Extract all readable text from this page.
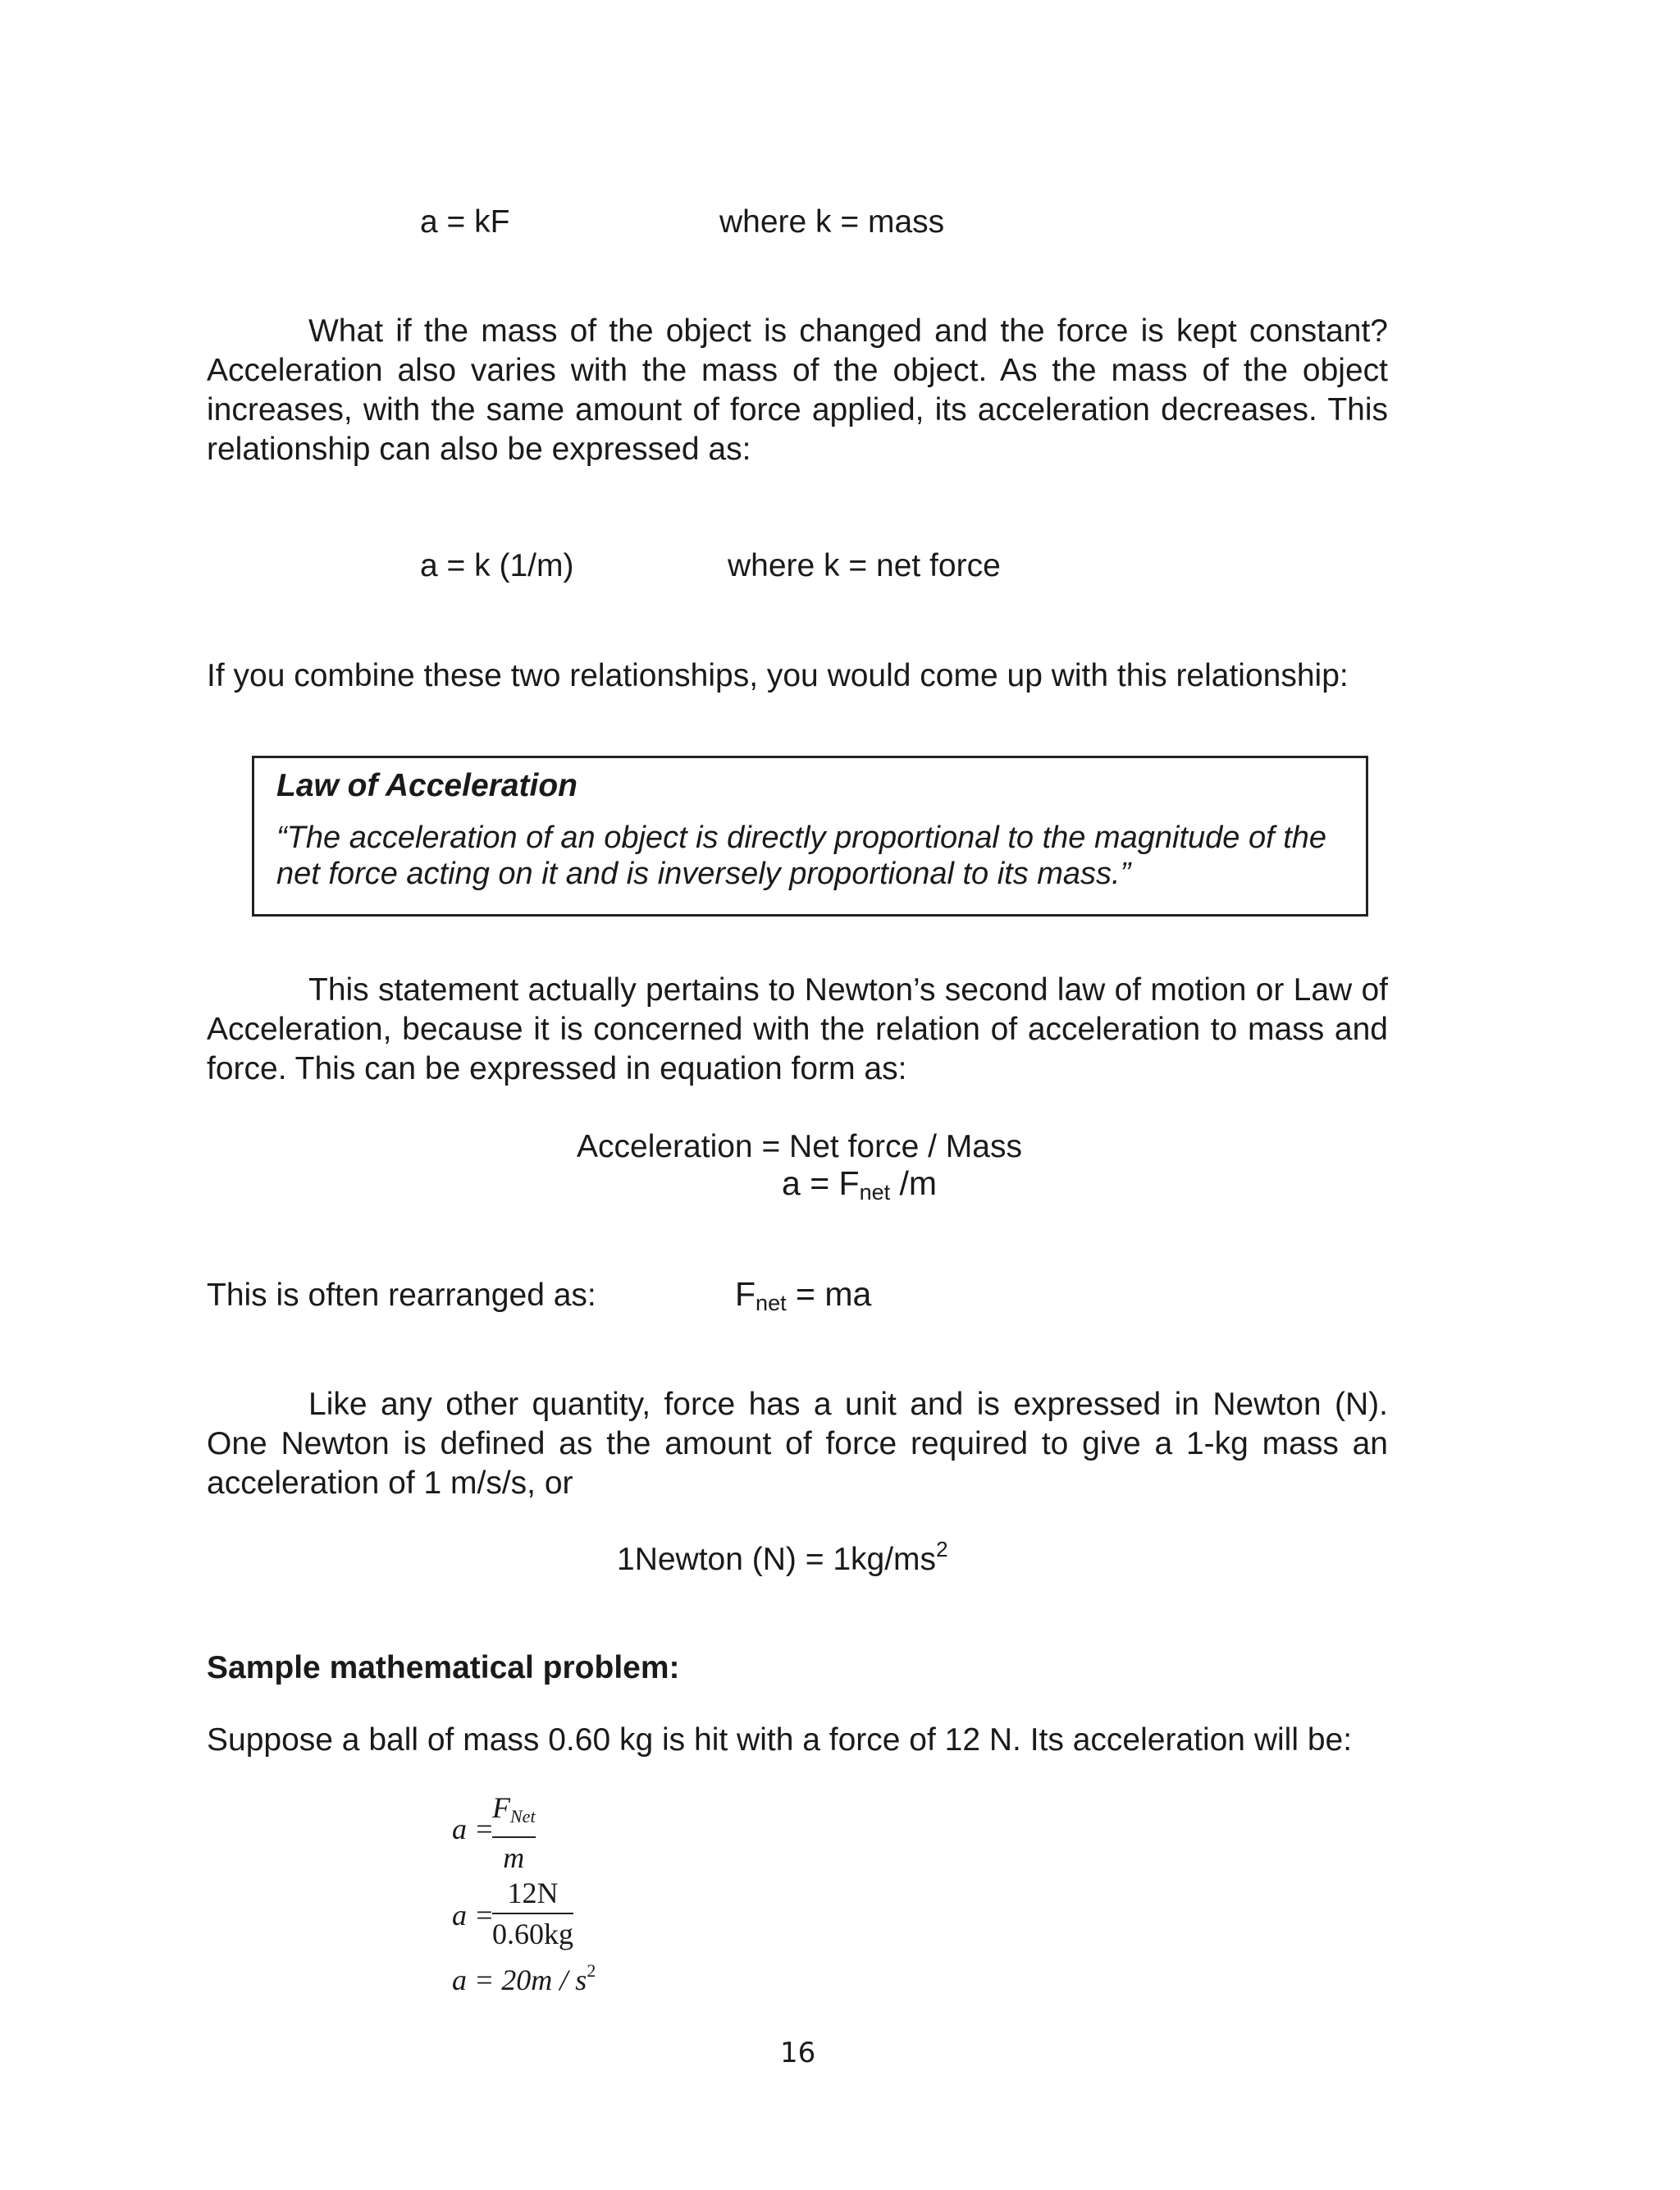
a = kF	where k = mass

What if the mass of the object is changed and the force is kept constant? Acceleration also varies with the mass of the object. As the mass of the object increases, with the same amount of force applied, its acceleration decreases. This relationship can also be expressed as:

a = k (1/m)	where k = net force

If you combine these two relationships, you would come up with this relationship:

Law of Acceleration
“The acceleration of an object is directly proportional to the magnitude of the net force acting on it and is inversely proportional to its mass.”

This statement actually pertains to Newton’s second law of motion or Law of Acceleration, because it is concerned with the relation of acceleration to mass and force. This can be expressed in equation form as:

Acceleration = Net force / Mass
$a = F_{net}$ /m
This is often rearranged as:	$F_{net}$ = ma

Like any other quantity, force has a unit and is expressed in Newton (N). One Newton is defined as the amount of force required to give a 1-kg mass an acceleration of 1 m/s/s, or

1Newton $(N) = 1kg/ms^2$
Sample mathematical problem:
Suppose a ball of mass 0.60 kg is hit with a force of 12 N. Its acceleration will be:
a =
FNet
m
a =
12N
0.60kg
$a = 20m / s^2$
16
